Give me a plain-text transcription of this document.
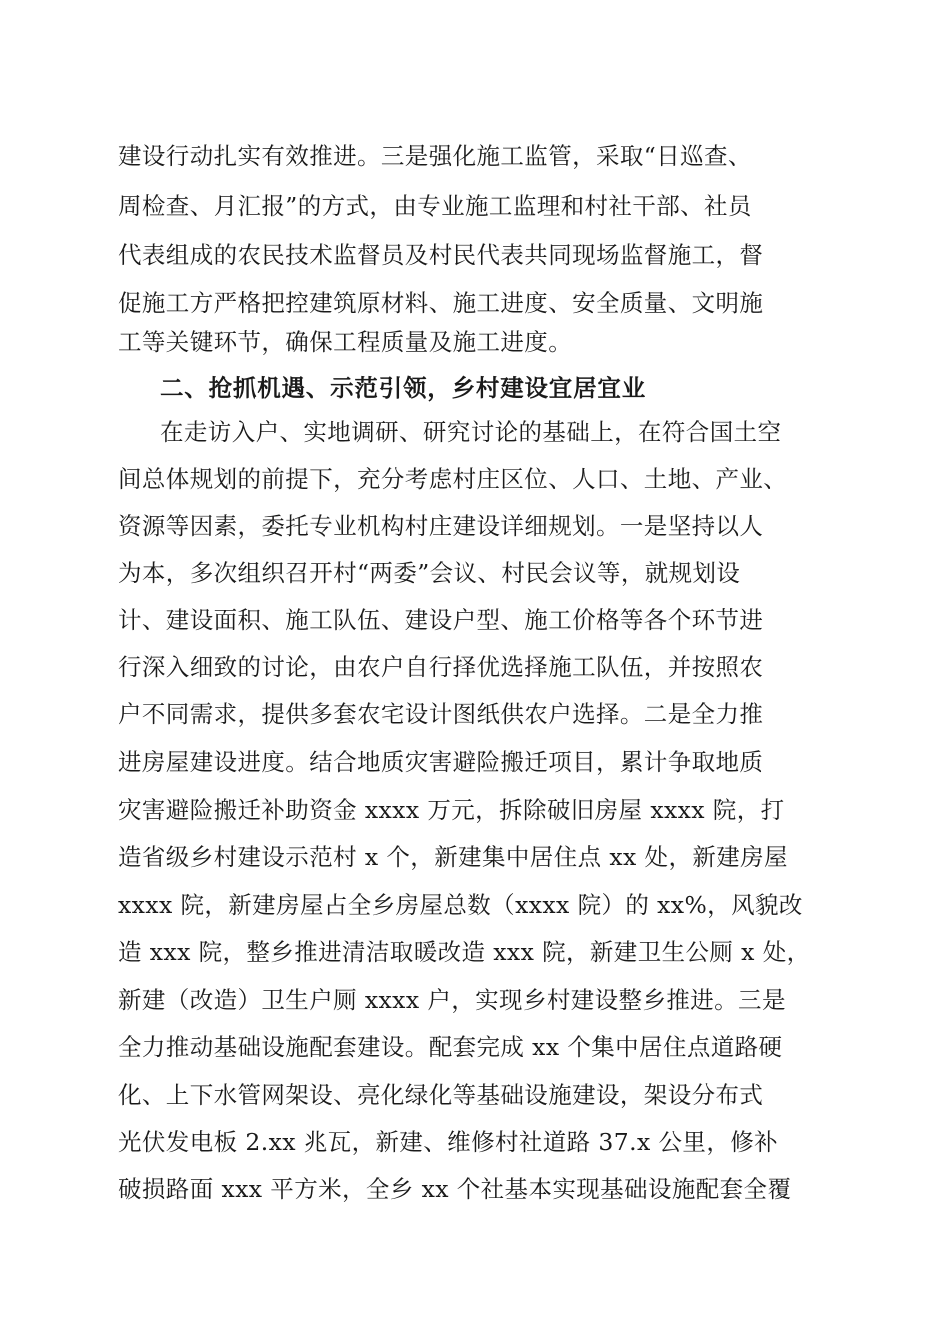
建设行动扎实有效推进。三是强化施工监管，采取“日巡查、
周检查、月汇报”的方式，由专业施工监理和村社干部、社员
代表组成的农民技术监督员及村民代表共同现场监督施工，督
促施工方严格把控建筑原材料、施工进度、安全质量、文明施
工等关键环节，确保工程质量及施工进度。
二、抢抓机遇、示范引领，乡村建设宜居宜业
在走访入户、实地调研、研究讨论的基础上，在符合国土空
间总体规划的前提下，充分考虑村庄区位、人口、土地、产业、
资源等因素，委托专业机构村庄建设详细规划。一是坚持以人
为本，多次组织召开村“两委”会议、村民会议等，就规划设
计、建设面积、施工队伍、建设户型、施工价格等各个环节进
行深入细致的讨论，由农户自行择优选择施工队伍，并按照农
户不同需求，提供多套农宅设计图纸供农户选择。二是全力推
进房屋建设进度。结合地质灾害避险搬迁项目，累计争取地质
灾害避险搬迁补助资金 xxxx 万元，拆除破旧房屋 xxxx 院，打
造省级乡村建设示范村 x 个，新建集中居住点 xx 处，新建房屋
xxxx 院，新建房屋占全乡房屋总数（xxxx 院）的 xx%，风貌改
造 xxx 院，整乡推进清洁取暖改造 xxx 院，新建卫生公厕 x 处，
新建（改造）卫生户厕 xxxx 户，实现乡村建设整乡推进。三是
全力推动基础设施配套建设。配套完成 xx 个集中居住点道路硬
化、上下水管网架设、亮化绿化等基础设施建设，架设分布式
光伏发电板 2.xx 兆瓦，新建、维修村社道路 37.x 公里，修补
破损路面 xxx 平方米，全乡 xx 个社基本实现基础设施配套全覆
